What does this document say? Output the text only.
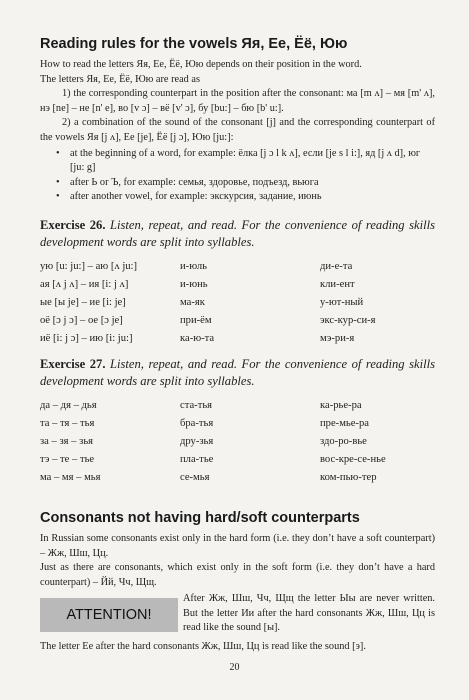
Reading rules for the vowels Яя, Ее, Ёё, Юю

How to read the letters Яя, Ее, Ёё, Юю depends on their position in the word.

The letters Яя, Ее, Ёё, Юю are read as

1) the corresponding counterpart in the position after the consonant: ма [m ʌ] – мя [m' ʌ], нэ [ne] – не [n' e], во [v ɔ] – вё [v' ɔ], бу [bu:] – бю [b' u:].

2) a combination of the sound of the consonant [j] and the corresponding counterpart of the vowels Яя [j ʌ], Ее [je], Ёё [j ɔ], Юю [ju:]:

• at the beginning of a word, for example: ёлка [j ɔ l k ʌ], если [je s l i:], яд [j ʌ d], юг [ju: g]
• after Ь or Ъ, for example: семья, здоровье, подъезд, вьюга
• after another vowel, for example: экскурсия, задание, июнь

Exercise 26. Listen, repeat, and read. For the convenience of reading skills development words are split into syllables.

ую [u: ju:] – аю [ʌ ju:]	и-юль	ди-е-та
ая [ʌ j ʌ] – ия [i: j ʌ]	и-юнь	кли-ент
ые [ы je] – ие [i: je]	ма-як	у-ют-ный
оё [ɔ j ɔ] – ое [ɔ je]	при-ём	экс-кур-си-я
иё [i: j ɔ] – ию [i: ju:]	ка-ю-та	мэ-ри-я

Exercise 27. Listen, repeat, and read. For the convenience of reading skills development words are split into syllables.

да – дя – дья	ста-тья	ка-рье-ра
та – тя – тья	бра-тья	пре-мье-ра
за – зя – зья	дру-зья	здо-ро-вье
тэ – те – тье	пла-тье	вос-кре-се-нье
ма – мя – мья	се-мья	ком-пью-тер
Consonants not having hard/soft counterparts

In Russian some consonants exist only in the hard form (i.e. they don’t have a soft counterpart) – Жж, Шш, Цц.

Just as there are consonants, which exist only in the soft form (i.e. they don’t have a hard counterpart) – Йй, Чч, Щщ.

ATTENTION!

After Жж, Шш, Чч, Щщ the letter Ыы are never written. But the letter Ии after the hard consonants Жж, Шш, Цц is read like the sound [ы].

The letter Ее after the hard consonants Жж, Шш, Цц is read like the sound [э].

20
